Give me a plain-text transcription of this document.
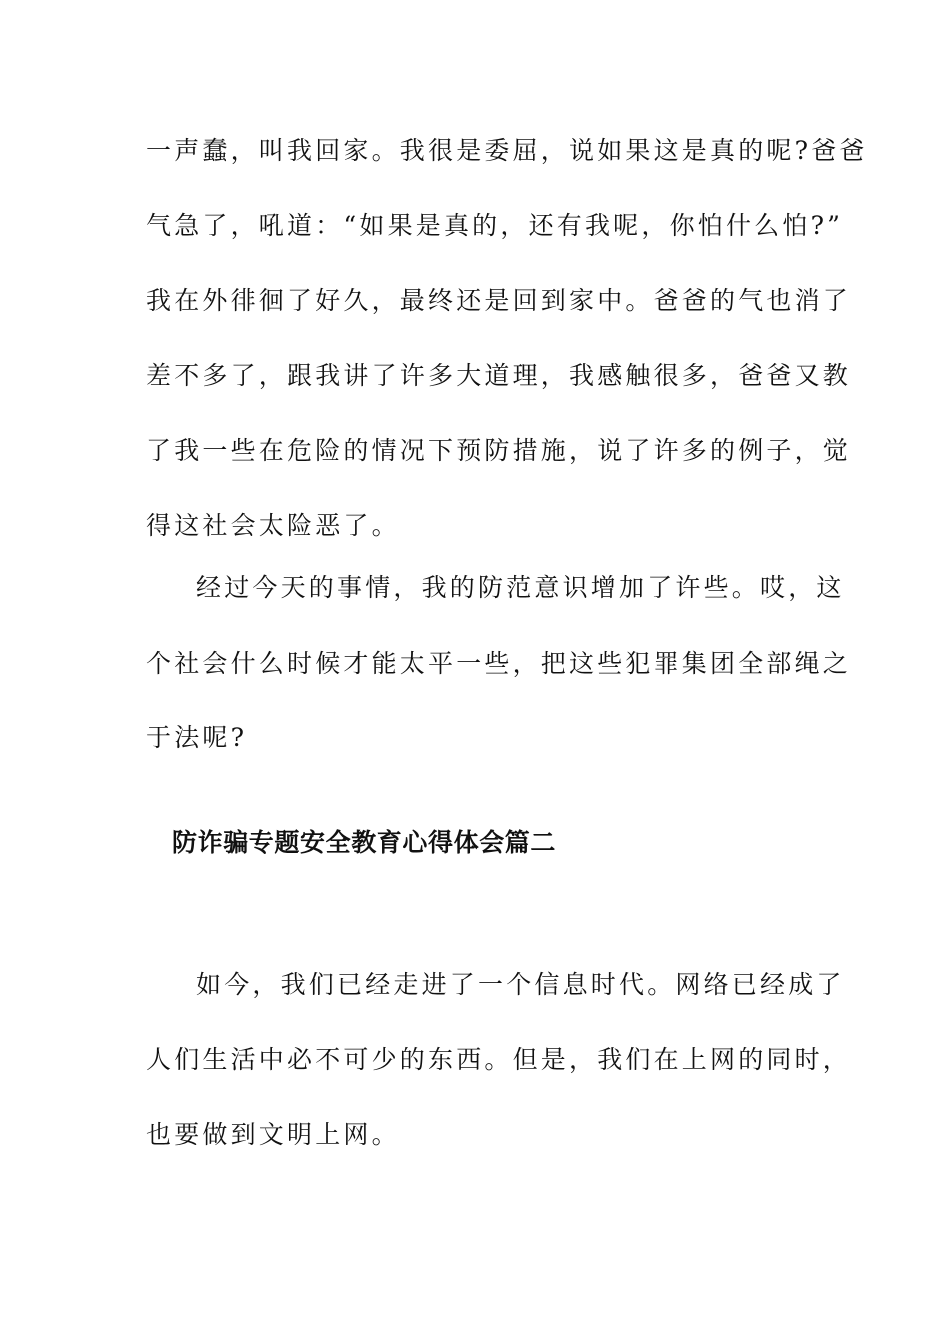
一声蠢，叫我回家。我很是委屈，说如果这是真的呢?爸爸
气急了，吼道：“如果是真的，还有我呢，你怕什么怕?”
我在外徘徊了好久，最终还是回到家中。爸爸的气也消了
差不多了，跟我讲了许多大道理，我感触很多，爸爸又教
了我一些在危险的情况下预防措施，说了许多的例子，觉
得这社会太险恶了。
经过今天的事情，我的防范意识增加了许些。哎，这
个社会什么时候才能太平一些，把这些犯罪集团全部绳之
于法呢?
防诈骗专题安全教育心得体会篇二
如今，我们已经走进了一个信息时代。网络已经成了
人们生活中必不可少的东西。但是，我们在上网的同时，
也要做到文明上网。
